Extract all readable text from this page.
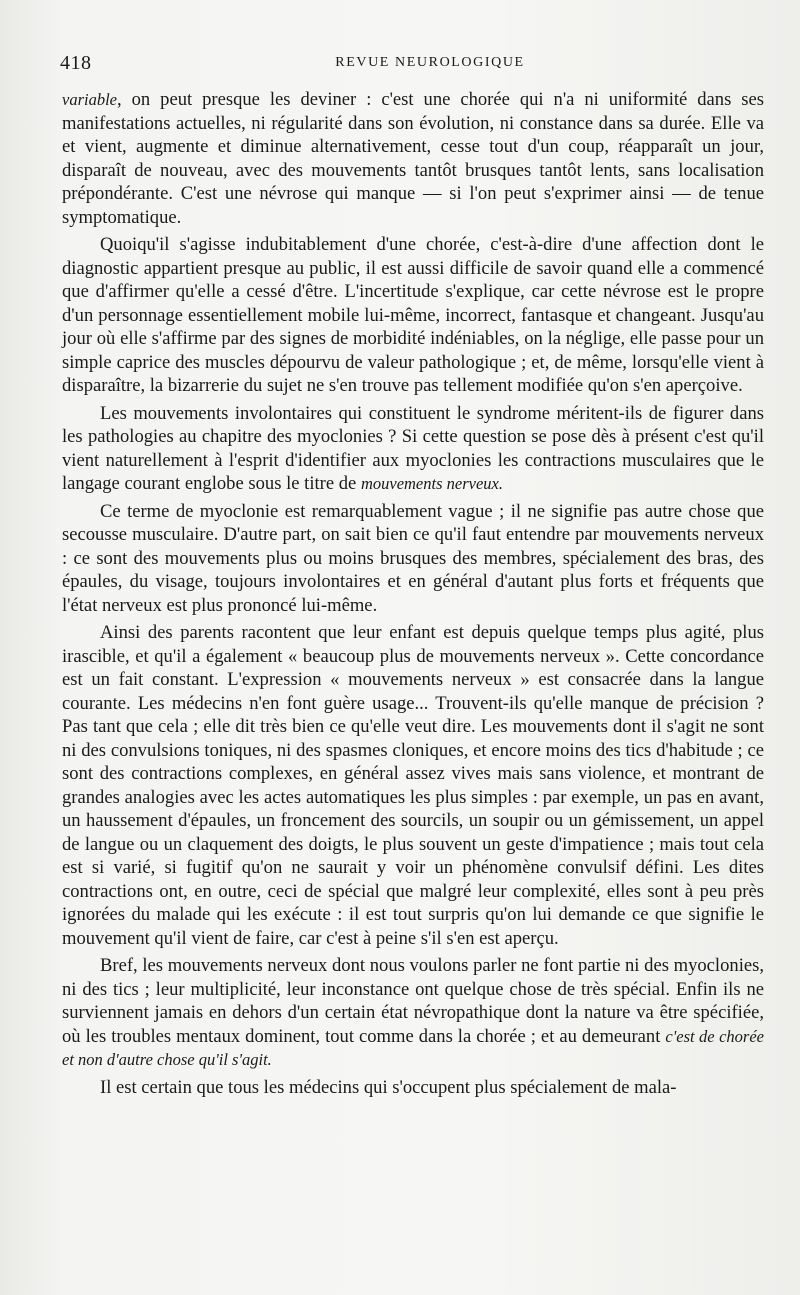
418	REVUE NEUROLOGIQUE

variable, on peut presque les deviner : c'est une chorée qui n'a ni uniformité dans ses manifestations actuelles, ni régularité dans son évolution, ni constance dans sa durée. Elle va et vient, augmente et diminue alternativement, cesse tout d'un coup, réapparaît un jour, disparaît de nouveau, avec des mouvements tantôt brusques tantôt lents, sans localisation prépondérante. C'est une névrose qui manque — si l'on peut s'exprimer ainsi — de tenue symptomatique.

Quoiqu'il s'agisse indubitablement d'une chorée, c'est-à-dire d'une affection dont le diagnostic appartient presque au public, il est aussi difficile de savoir quand elle a commencé que d'affirmer qu'elle a cessé d'être. L'incertitude s'explique, car cette névrose est le propre d'un personnage essentiellement mobile lui-même, incorrect, fantasque et changeant. Jusqu'au jour où elle s'affirme par des signes de morbidité indéniables, on la néglige, elle passe pour un simple caprice des muscles dépourvu de valeur pathologique ; et, de même, lorsqu'elle vient à disparaître, la bizarrerie du sujet ne s'en trouve pas tellement modifiée qu'on s'en aperçoive.

Les mouvements involontaires qui constituent le syndrome méritent-ils de figurer dans les pathologies au chapitre des myoclonies ? Si cette question se pose dès à présent c'est qu'il vient naturellement à l'esprit d'identifier aux myoclonies les contractions musculaires que le langage courant englobe sous le titre de mouvements nerveux.

Ce terme de myoclonie est remarquablement vague ; il ne signifie pas autre chose que secousse musculaire. D'autre part, on sait bien ce qu'il faut entendre par mouvements nerveux : ce sont des mouvements plus ou moins brusques des membres, spécialement des bras, des épaules, du visage, toujours involontaires et en général d'autant plus forts et fréquents que l'état nerveux est plus prononcé lui-même.

Ainsi des parents racontent que leur enfant est depuis quelque temps plus agité, plus irascible, et qu'il a également « beaucoup plus de mouvements nerveux ». Cette concordance est un fait constant. L'expression « mouvements nerveux » est consacrée dans la langue courante. Les médecins n'en font guère usage... Trouvent-ils qu'elle manque de précision ? Pas tant que cela ; elle dit très bien ce qu'elle veut dire. Les mouvements dont il s'agit ne sont ni des convulsions toniques, ni des spasmes cloniques, et encore moins des tics d'habitude ; ce sont des contractions complexes, en général assez vives mais sans violence, et montrant de grandes analogies avec les actes automatiques les plus simples : par exemple, un pas en avant, un haussement d'épaules, un froncement des sourcils, un soupir ou un gémissement, un appel de langue ou un claquement des doigts, le plus souvent un geste d'impatience ; mais tout cela est si varié, si fugitif qu'on ne saurait y voir un phénomène convulsif défini. Les dites contractions ont, en outre, ceci de spécial que malgré leur complexité, elles sont à peu près ignorées du malade qui les exécute : il est tout surpris qu'on lui demande ce que signifie le mouvement qu'il vient de faire, car c'est à peine s'il s'en est aperçu.

Bref, les mouvements nerveux dont nous voulons parler ne font partie ni des myoclonies, ni des tics ; leur multiplicité, leur inconstance ont quelque chose de très spécial. Enfin ils ne surviennent jamais en dehors d'un certain état névropathique dont la nature va être spécifiée, où les troubles mentaux dominent, tout comme dans la chorée ; et au demeurant c'est de chorée et non d'autre chose qu'il s'agit.

Il est certain que tous les médecins qui s'occupent plus spécialement de mala-
